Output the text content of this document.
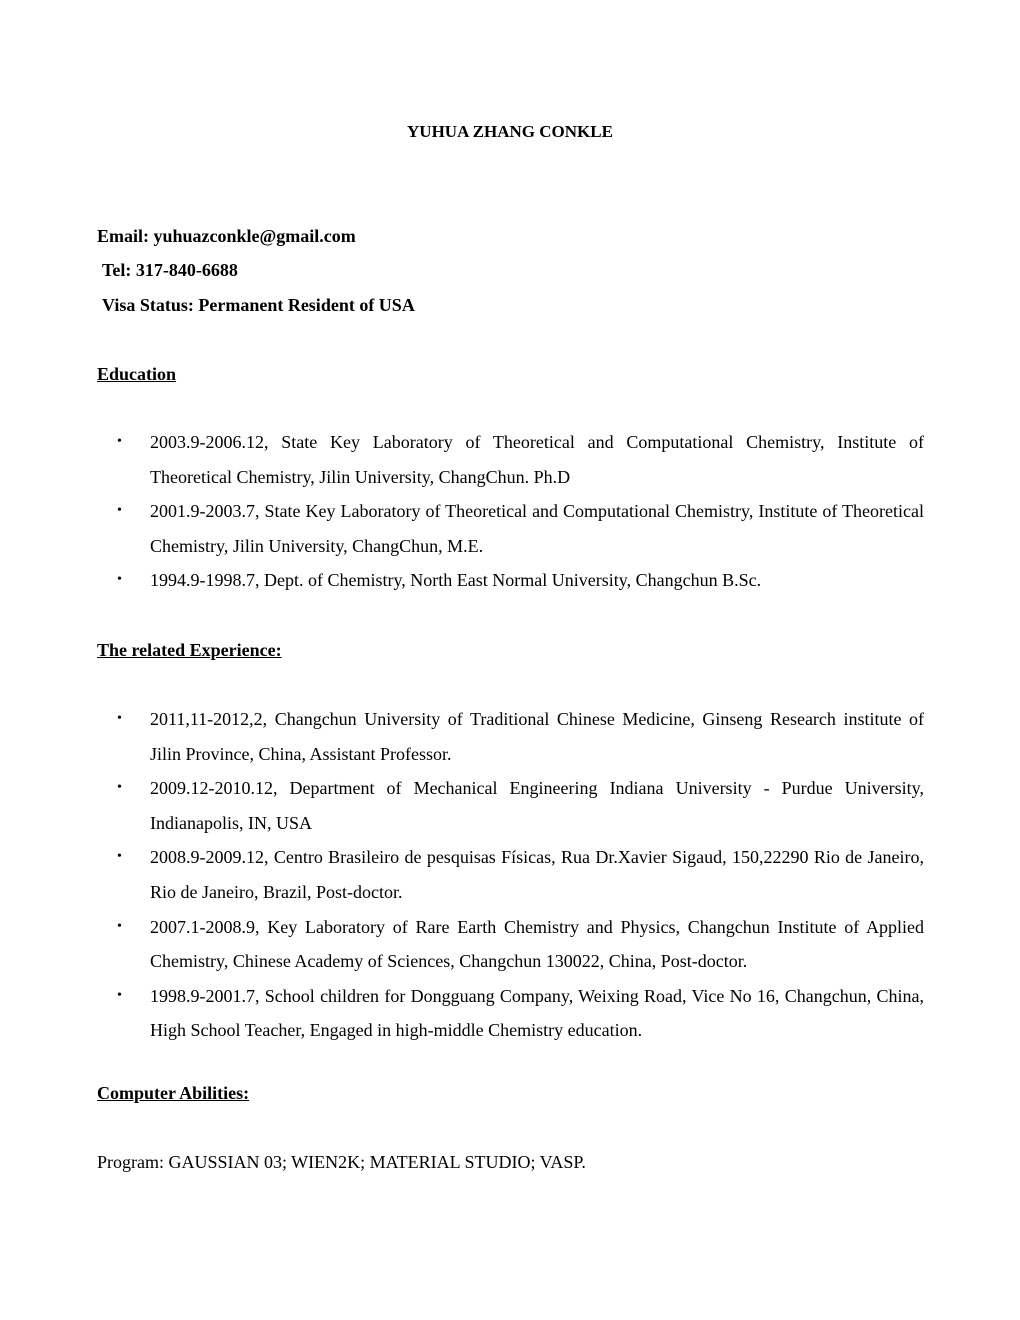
YUHUA ZHANG CONKLE
Email: yuhuazconkle@gmail.com
Tel: 317-840-6688
Visa Status: Permanent Resident of USA
Education
• 2003.9-2006.12, State Key Laboratory of Theoretical and Computational Chemistry, Institute of Theoretical Chemistry, Jilin University, ChangChun. Ph.D
• 2001.9-2003.7, State Key Laboratory of Theoretical and Computational Chemistry, Institute of Theoretical Chemistry, Jilin University, ChangChun, M.E.
• 1994.9-1998.7, Dept. of Chemistry, North East Normal University, Changchun B.Sc.
The related Experience:
• 2011,11-2012,2, Changchun University of Traditional Chinese Medicine, Ginseng Research institute of Jilin Province, China, Assistant Professor.
• 2009.12-2010.12, Department of Mechanical Engineering Indiana University - Purdue University, Indianapolis, IN, USA
• 2008.9-2009.12, Centro Brasileiro de pesquisas Físicas, Rua Dr.Xavier Sigaud, 150,22290 Rio de Janeiro, Rio de Janeiro, Brazil, Post-doctor.
• 2007.1-2008.9, Key Laboratory of Rare Earth Chemistry and Physics, Changchun Institute of Applied Chemistry, Chinese Academy of Sciences, Changchun 130022, China, Post-doctor.
• 1998.9-2001.7, School children for Dongguang Company, Weixing Road, Vice No 16, Changchun, China, High School Teacher, Engaged in high-middle Chemistry education.
Computer Abilities:
Program: GAUSSIAN 03; WIEN2K; MATERIAL STUDIO; VASP.
